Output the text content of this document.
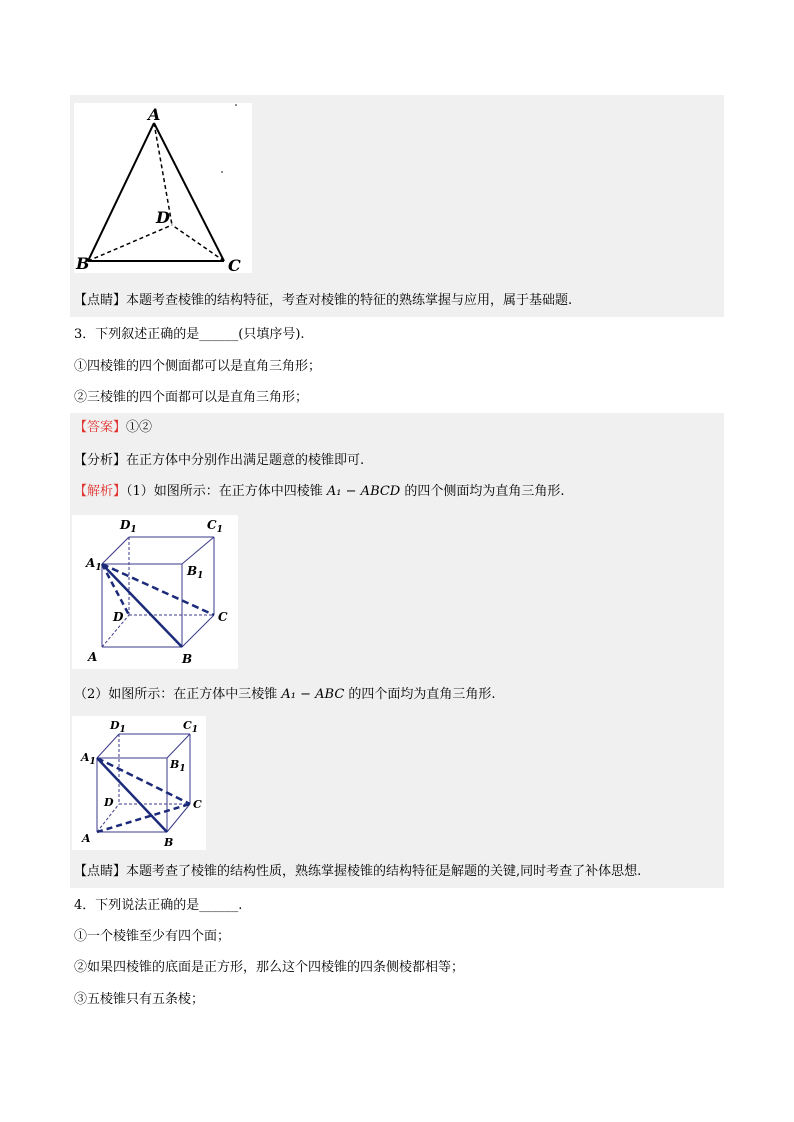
A
B	C
D
【点睛】本题考查棱锥的结构特征，考查对棱锥的特征的熟练掌握与应用，属于基础题.
3．下列叙述正确的是______(只填序号).
①四棱锥的四个侧面都可以是直角三角形；
②三棱锥的四个面都可以是直角三角形；
【答案】①②
【分析】在正方体中分别作出满足题意的棱锥即可.
【解析】（1）如图所示：在正方体中四棱锥 A₁ − ABCD 的四个侧面均为直角三角形.
$D_1$	$C_1$
$A_1$	$B_1$
D	C
A	B
（2）如图所示：在正方体中三棱锥 A₁ − ABC 的四个面均为直角三角形.
$D_1$	$C_1$
$A_1$	$B_1$
D	C
A	B
【点睛】本题考查了棱锥的结构性质，熟练掌握棱锥的结构特征是解题的关键,同时考查了补体思想.
4．下列说法正确的是______.
①一个棱锥至少有四个面；
②如果四棱锥的底面是正方形，那么这个四棱锥的四条侧棱都相等；
③五棱锥只有五条棱；
